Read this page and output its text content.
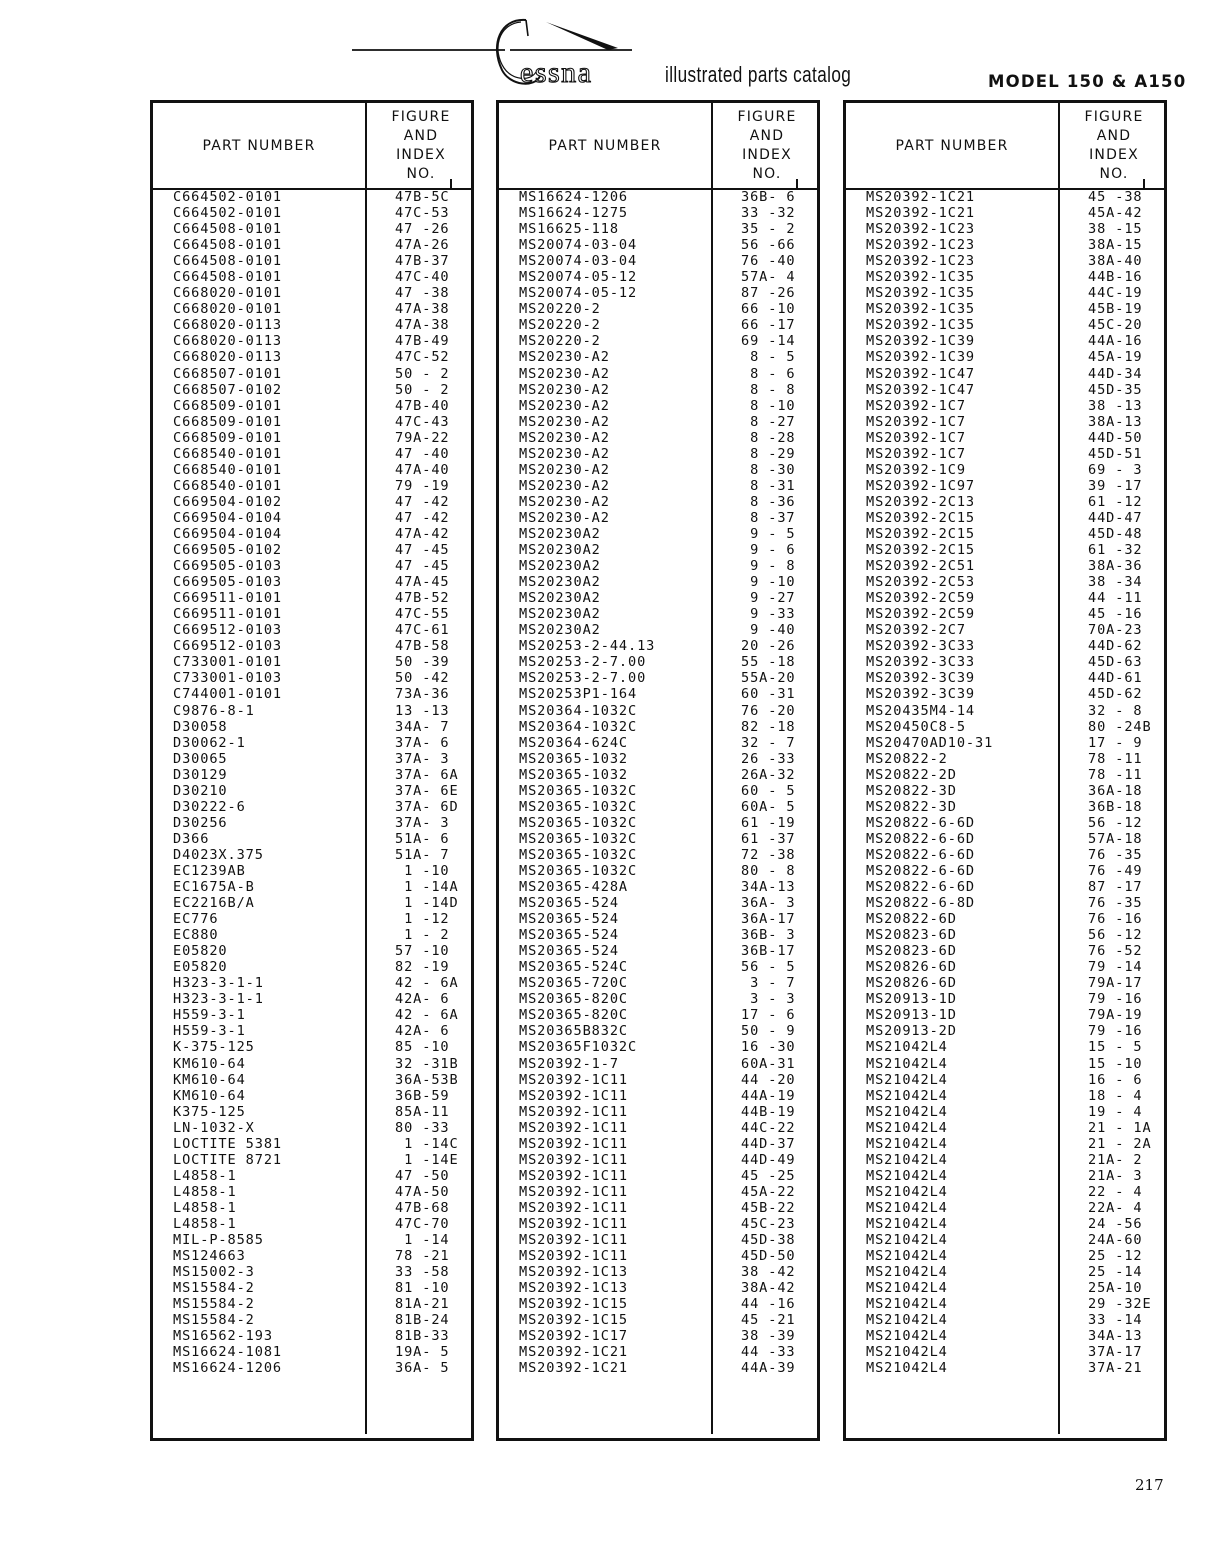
essna	illustrated parts catalog	MODEL 150 & A150
PART NUMBER
FIGURE
AND
INDEX
NO.
C664502-0101	47B-5C
C664502-0101	47C-53
C664508-0101	47 -26
C664508-0101	47A-26
C664508-0101	47B-37
C664508-0101	47C-40
C668020-0101	47 -38
C668020-0101	47A-38
C668020-0113	47A-38
C668020-0113	47B-49
C668020-0113	47C-52
C668507-0101	50 - 2
C668507-0102	50 - 2
C668509-0101	47B-40
C668509-0101	47C-43
C668509-0101	79A-22
C668540-0101	47 -40
C668540-0101	47A-40
C668540-0101	79 -19
C669504-0102	47 -42
C669504-0104	47 -42
C669504-0104	47A-42
C669505-0102	47 -45
C669505-0103	47 -45
C669505-0103	47A-45
C669511-0101	47B-52
C669511-0101	47C-55
C669512-0103	47C-61
C669512-0103	47B-58
C733001-0101	50 -39
C733001-0103	50 -42
C744001-0101	73A-36
C9876-8-1	13 -13
D30058	34A- 7
D30062-1	37A- 6
D30065	37A- 3
D30129	37A- 6A
D30210	37A- 6E
D30222-6	37A- 6D
D30256	37A- 3
D366	51A- 6
D4023X.375	51A- 7
EC1239AB	1 -10
EC1675A-B	1 -14A
EC2216B/A	1 -14D
EC776	1 -12
EC880	1 - 2
E05820	57 -10
E05820	82 -19
H323-3-1-1	42 - 6A
H323-3-1-1	42A- 6
H559-3-1	42 - 6A
H559-3-1	42A- 6
K-375-125	85 -10
KM610-64	32 -31B
KM610-64	36A-53B
KM610-64	36B-59
K375-125	85A-11
LN-1032-X	80 -33
LOCTITE 5381	1 -14C
LOCTITE 8721	1 -14E
L4858-1	47 -50
L4858-1	47A-50
L4858-1	47B-68
L4858-1	47C-70
MIL-P-8585	1 -14
MS124663	78 -21
MS15002-3	33 -58
MS15584-2	81 -10
MS15584-2	81A-21
MS15584-2	81B-24
MS16562-193	81B-33
MS16624-1081	19A- 5
MS16624-1206	36A- 5
PART NUMBER
FIGURE
AND
INDEX
NO.
MS16624-1206	36B- 6
MS16624-1275	33 -32
MS16625-118	35 - 2
MS20074-03-04	56 -66
MS20074-03-04	76 -40
MS20074-05-12	57A- 4
MS20074-05-12	87 -26
MS20220-2	66 -10
MS20220-2	66 -17
MS20220-2	69 -14
MS20230-A2	8 - 5
MS20230-A2	8 - 6
MS20230-A2	8 - 8
MS20230-A2	8 -10
MS20230-A2	8 -27
MS20230-A2	8 -28
MS20230-A2	8 -29
MS20230-A2	8 -30
MS20230-A2	8 -31
MS20230-A2	8 -36
MS20230-A2	8 -37
MS20230A2	9 - 5
MS20230A2	9 - 6
MS20230A2	9 - 8
MS20230A2	9 -10
MS20230A2	9 -27
MS20230A2	9 -33
MS20230A2	9 -40
MS20253-2-44.13	20 -26
MS20253-2-7.00	55 -18
MS20253-2-7.00	55A-20
MS20253P1-164	60 -31
MS20364-1032C	76 -20
MS20364-1032C	82 -18
MS20364-624C	32 - 7
MS20365-1032	26 -33
MS20365-1032	26A-32
MS20365-1032C	60 - 5
MS20365-1032C	60A- 5
MS20365-1032C	61 -19
MS20365-1032C	61 -37
MS20365-1032C	72 -38
MS20365-1032C	80 - 8
MS20365-428A	34A-13
MS20365-524	36A- 3
MS20365-524	36A-17
MS20365-524	36B- 3
MS20365-524	36B-17
MS20365-524C	56 - 5
MS20365-720C	3 - 7
MS20365-820C	3 - 3
MS20365-820C	17 - 6
MS20365B832C	50 - 9
MS20365F1032C	16 -30
MS20392-1-7	60A-31
MS20392-1C11	44 -20
MS20392-1C11	44A-19
MS20392-1C11	44B-19
MS20392-1C11	44C-22
MS20392-1C11	44D-37
MS20392-1C11	44D-49
MS20392-1C11	45 -25
MS20392-1C11	45A-22
MS20392-1C11	45B-22
MS20392-1C11	45C-23
MS20392-1C11	45D-38
MS20392-1C11	45D-50
MS20392-1C13	38 -42
MS20392-1C13	38A-42
MS20392-1C15	44 -16
MS20392-1C15	45 -21
MS20392-1C17	38 -39
MS20392-1C21	44 -33
MS20392-1C21	44A-39
PART NUMBER
FIGURE
AND
INDEX
NO.
MS20392-1C21	45 -38
MS20392-1C21	45A-42
MS20392-1C23	38 -15
MS20392-1C23	38A-15
MS20392-1C23	38A-40
MS20392-1C35	44B-16
MS20392-1C35	44C-19
MS20392-1C35	45B-19
MS20392-1C35	45C-20
MS20392-1C39	44A-16
MS20392-1C39	45A-19
MS20392-1C47	44D-34
MS20392-1C47	45D-35
MS20392-1C7	38 -13
MS20392-1C7	38A-13
MS20392-1C7	44D-50
MS20392-1C7	45D-51
MS20392-1C9	69 - 3
MS20392-1C97	39 -17
MS20392-2C13	61 -12
MS20392-2C15	44D-47
MS20392-2C15	45D-48
MS20392-2C15	61 -32
MS20392-2C51	38A-36
MS20392-2C53	38 -34
MS20392-2C59	44 -11
MS20392-2C59	45 -16
MS20392-2C7	70A-23
MS20392-3C33	44D-62
MS20392-3C33	45D-63
MS20392-3C39	44D-61
MS20392-3C39	45D-62
MS20435M4-14	32 - 8
MS20450C8-5	80 -24B
MS20470AD10-31	17 - 9
MS20822-2	78 -11
MS20822-2D	78 -11
MS20822-3D	36A-18
MS20822-3D	36B-18
MS20822-6-6D	56 -12
MS20822-6-6D	57A-18
MS20822-6-6D	76 -35
MS20822-6-6D	76 -49
MS20822-6-6D	87 -17
MS20822-6-8D	76 -35
MS20822-6D	76 -16
MS20823-6D	56 -12
MS20823-6D	76 -52
MS20826-6D	79 -14
MS20826-6D	79A-17
MS20913-1D	79 -16
MS20913-1D	79A-19
MS20913-2D	79 -16
MS21042L4	15 - 5
MS21042L4	15 -10
MS21042L4	16 - 6
MS21042L4	18 - 4
MS21042L4	19 - 4
MS21042L4	21 - 1A
MS21042L4	21 - 2A
MS21042L4	21A- 2
MS21042L4	21A- 3
MS21042L4	22 - 4
MS21042L4	22A- 4
MS21042L4	24 -56
MS21042L4	24A-60
MS21042L4	25 -12
MS21042L4	25 -14
MS21042L4	25A-10
MS21042L4	29 -32E
MS21042L4	33 -14
MS21042L4	34A-13
MS21042L4	37A-17
MS21042L4	37A-21
217
